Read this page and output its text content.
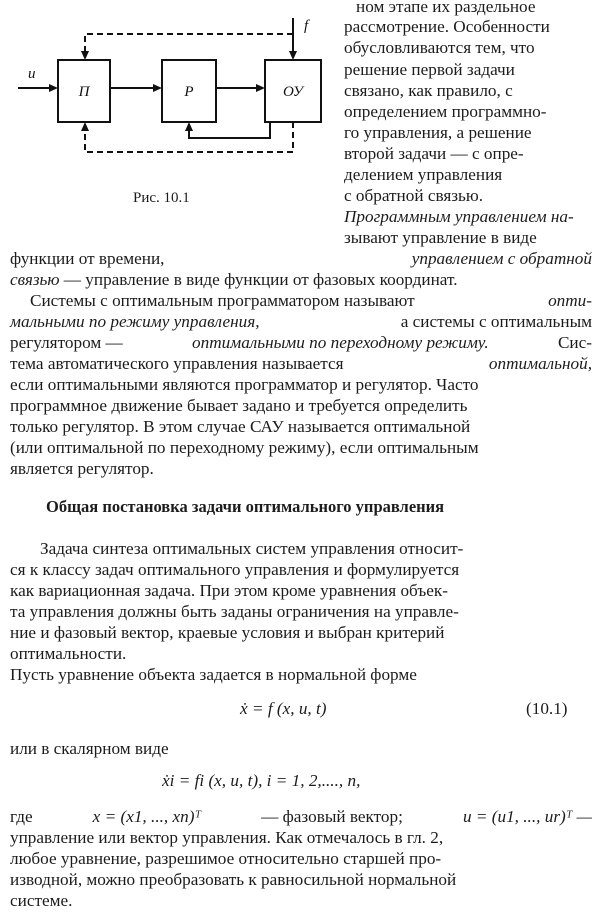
П	Р	ОУ
u
f
Рис. 10.1
ном этапе их раздельное
рассмотрение. Особенности
обусловливаются тем, что
решение первой задачи
связано, как правило, с
определением программно-
го управления, а решение
второй задачи — с опре-
делением управления
с обратной связью.
Программным управлением на-
зывают управление в виде
функции от времени,	управлением с обратной
связью — управление в виде функции от фазовых координат.
Системы с оптимальным программатором называют	опти-
мальными по режиму управления,	а системы с оптимальным
регулятором —	оптимальными по переходному режиму.	Сис-
тема автоматического управления называется	оптимальной,
если оптимальными являются программатор и регулятор. Часто
программное движение бывает задано и требуется определить
только регулятор. В этом случае САУ называется оптимальной
(или оптимальной по переходному режиму), если оптимальным
является регулятор.
Общая постановка задачи оптимального управления
Задача синтеза оптимальных систем управления относит-
ся к классу задач оптимального управления и формулируется
как вариационная задача. При этом кроме уравнения объек-
та управления должны быть заданы ограничения на управле-
ние и фазовый вектор, краевые условия и выбран критерий
оптимальности.
Пусть уравнение объекта задается в нормальной форме
ẋ = f (x, u, t)	(10.1)
или в скалярном виде
ẋi = fi (x, u, t), i = 1, 2,...., n,
где	x = (x1, ..., xn)ᵀ	— фазовый вектор;	u = (u1, ..., ur)ᵀ —
управление или вектор управления. Как отмечалось в гл. 2,
любое уравнение, разрешимое относительно старшей про-
изводной, можно преобразовать к равносильной нормальной
системе.
